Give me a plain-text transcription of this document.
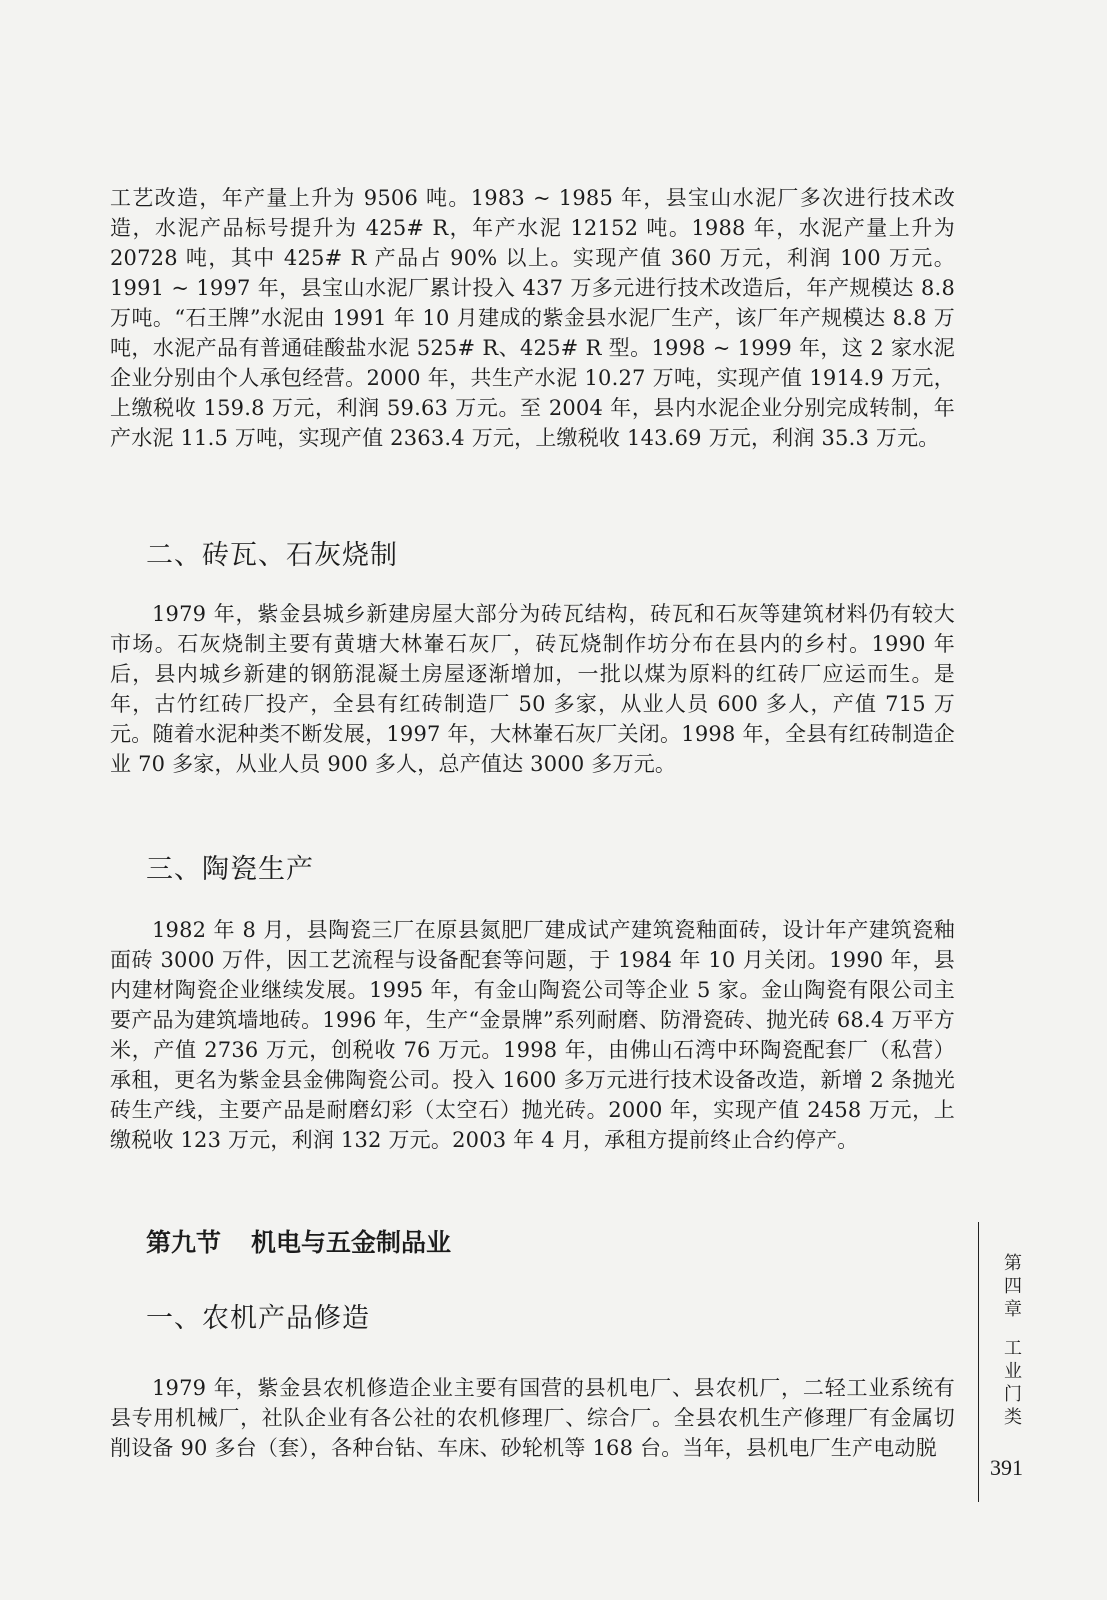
工艺改造，年产量上升为 9506 吨。1983 ~ 1985 年，县宝山水泥厂多次进行技术改造，水泥产品标号提升为 425# R，年产水泥 12152 吨。1988 年，水泥产量上升为 20728 吨，其中 425# R 产品占 90% 以上。实现产值 360 万元，利润 100 万元。1991 ~ 1997 年，县宝山水泥厂累计投入 437 万多元进行技术改造后，年产规模达 8.8 万吨。“石王牌”水泥由 1991 年 10 月建成的紫金县水泥厂生产，该厂年产规模达 8.8 万吨，水泥产品有普通硅酸盐水泥 525# R、425# R 型。1998 ~ 1999 年，这 2 家水泥企业分别由个人承包经营。2000 年，共生产水泥 10.27 万吨，实现产值 1914.9 万元，上缴税收 159.8 万元，利润 59.63 万元。至 2004 年，县内水泥企业分别完成转制，年产水泥 11.5 万吨，实现产值 2363.4 万元，上缴税收 143.69 万元，利润 35.3 万元。

二、砖瓦、石灰烧制

1979 年，紫金县城乡新建房屋大部分为砖瓦结构，砖瓦和石灰等建筑材料仍有较大市场。石灰烧制主要有黄塘大林輋石灰厂，砖瓦烧制作坊分布在县内的乡村。1990 年后，县内城乡新建的钢筋混凝土房屋逐渐增加，一批以煤为原料的红砖厂应运而生。是年，古竹红砖厂投产，全县有红砖制造厂 50 多家，从业人员 600 多人，产值 715 万元。随着水泥种类不断发展，1997 年，大林輋石灰厂关闭。1998 年，全县有红砖制造企业 70 多家，从业人员 900 多人，总产值达 3000 多万元。

三、陶瓷生产

1982 年 8 月，县陶瓷三厂在原县氮肥厂建成试产建筑瓷釉面砖，设计年产建筑瓷釉面砖 3000 万件，因工艺流程与设备配套等问题，于 1984 年 10 月关闭。1990 年，县内建材陶瓷企业继续发展。1995 年，有金山陶瓷公司等企业 5 家。金山陶瓷有限公司主要产品为建筑墙地砖。1996 年，生产“金景牌”系列耐磨、防滑瓷砖、抛光砖 68.4 万平方米，产值 2736 万元，创税收 76 万元。1998 年，由佛山石湾中环陶瓷配套厂（私营）承租，更名为紫金县金佛陶瓷公司。投入 1600 多万元进行技术设备改造，新增 2 条抛光砖生产线，主要产品是耐磨幻彩（太空石）抛光砖。2000 年，实现产值 2458 万元，上缴税收 123 万元，利润 132 万元。2003 年 4 月，承租方提前终止合约停产。

第九节 机电与五金制品业
一、农机产品修造

1979 年，紫金县农机修造企业主要有国营的县机电厂、县农机厂，二轻工业系统有县专用机械厂，社队企业有各公社的农机修理厂、综合厂。全县农机生产修理厂有金属切削设备 90 多台（套），各种台钻、车床、砂轮机等 168 台。当年，县机电厂生产电动脱

第四章
工业门类
391
